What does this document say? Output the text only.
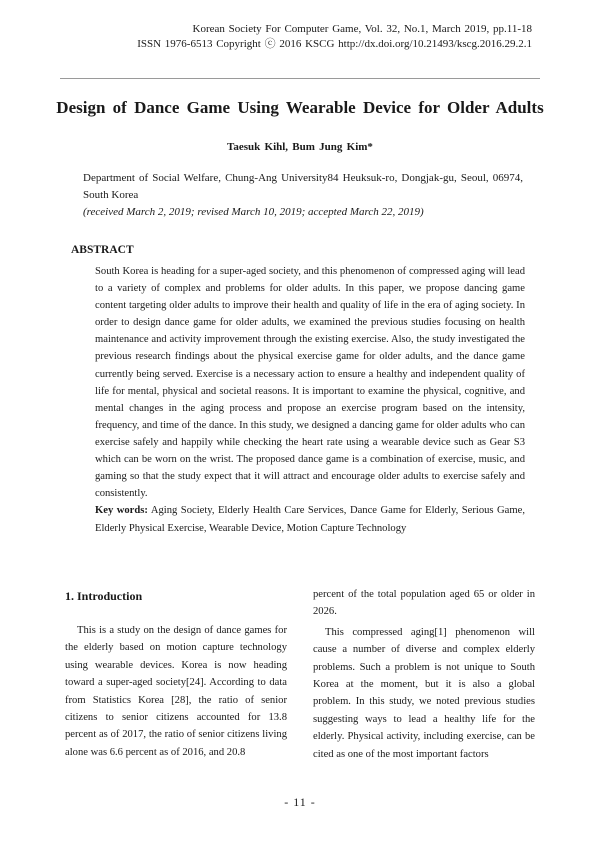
Korean Society For Computer Game, Vol. 32, No.1, March 2019, pp.11-18
ISSN 1976-6513 Copyright ⓒ 2016 KSCG http://dx.doi.org/10.21493/kscg.2016.29.2.1
Design of Dance Game Using Wearable Device for Older Adults

Taesuk Kihl, Bum Jung Kim*

Department of Social Welfare, Chung-Ang University84 Heuksuk-ro, Dongjak-gu, Seoul, 06974, South Korea

(received March 2, 2019; revised March 10, 2019; accepted March 22, 2019)

ABSTRACT

South Korea is heading for a super-aged society, and this phenomenon of compressed aging will lead to a variety of complex and problems for older adults. In this paper, we propose dancing game content targeting older adults to improve their health and quality of life in the era of aging society. In order to design dance game for older adults, we examined the previous studies focusing on health maintenance and activity improvement through the existing exercise. Also, the study investigated the previous research findings about the physical exercise game for older adults, and the dance game currently being served. Exercise is a necessary action to ensure a healthy and independent quality of life for mental, physical and societal reasons. It is important to examine the physical, cognitive, and mental changes in the aging process and propose an exercise program based on the intensity, frequency, and time of the dance. In this study, we designed a dancing game for older adults who can exercise safely and happily while checking the heart rate using a wearable device such as Gear S3 which can be worn on the wrist. The proposed dance game is a combination of exercise, music, and gaming so that the study expect that it will attract and encourage older adults to exercise safely and consistently.

Key words: Aging Society, Elderly Health Care Services, Dance Game for Elderly, Serious Game, Elderly Physical Exercise, Wearable Device, Motion Capture Technology

1. Introduction

This is a study on the design of dance games for the elderly based on motion capture technology using wearable devices. Korea is now heading toward a super-aged society[24]. According to data from Statistics Korea [28], the ratio of senior citizens to senior citizens accounted for 13.8 percent as of 2017, the ratio of senior citizens living alone was 6.6 percent as of 2016, and 20.8

percent of the total population aged 65 or older in 2026.

This compressed aging[1] phenomenon will cause a number of diverse and complex elderly problems. Such a problem is not unique to South Korea at the moment, but it is also a global problem. In this study, we noted previous studies suggesting ways to lead a healthy life for the elderly. Physical activity, including exercise, can be cited as one of the most important factors

- 11 -
